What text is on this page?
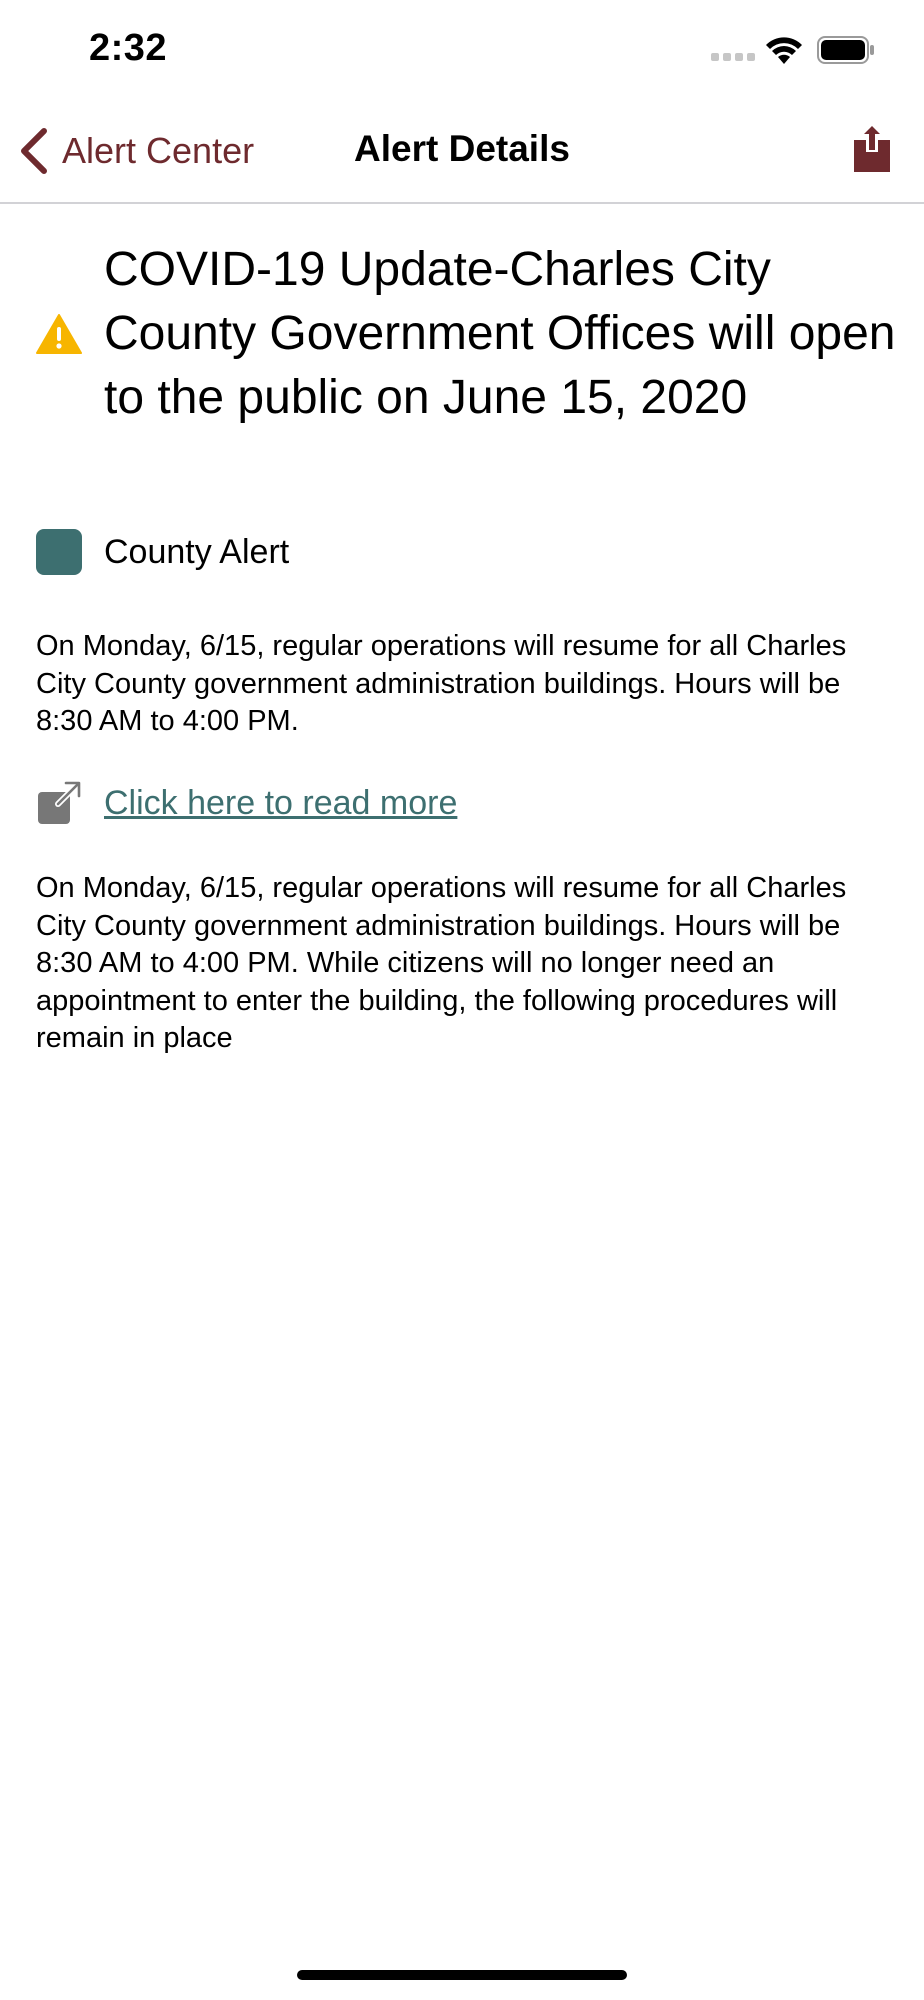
2:32
Alert Center	Alert Details
COVID-19 Update-Charles City County Government Offices will open to the public on June 15, 2020
County Alert

On Monday, 6/15, regular operations will resume for all Charles City County government administration buildings. Hours will be 8:30 AM to 4:00 PM.

Click here to read more

On Monday, 6/15, regular operations will resume for all Charles City County government administration buildings. Hours will be 8:30 AM to 4:00 PM. While citizens will no longer need an appointment to enter the building, the following procedures will remain in place
